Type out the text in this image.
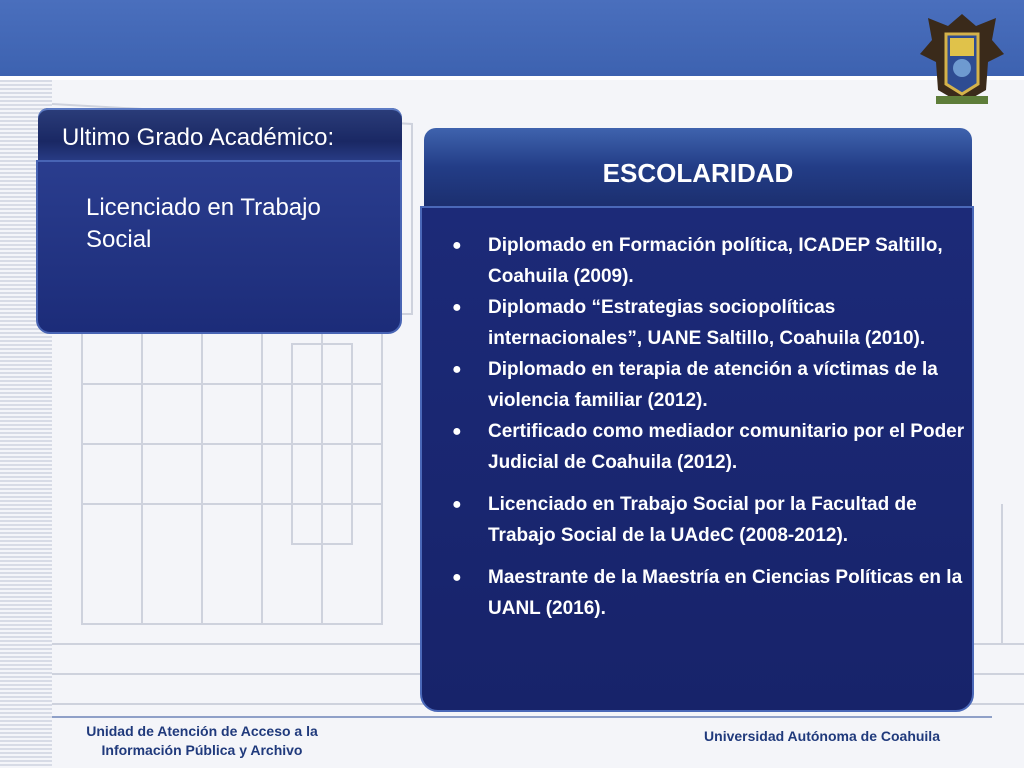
Ultimo Grado Académico:
Licenciado en Trabajo Social
ESCOLARIDAD
● Diplomado en Formación política, ICADEP Saltillo, Coahuila (2009).
● Diplomado “Estrategias sociopolíticas internacionales”, UANE Saltillo, Coahuila (2010).
● Diplomado en terapia de atención a víctimas de la violencia familiar (2012).
● Certificado como mediador comunitario por el Poder Judicial de Coahuila (2012).
● Licenciado en Trabajo Social por la Facultad de Trabajo Social de la UAdeC (2008-2012).
● Maestrante de la Maestría en Ciencias Políticas en la UANL (2016).
Unidad de Atención de Acceso a la
Información Pública y Archivo
Universidad Autónoma de Coahuila
